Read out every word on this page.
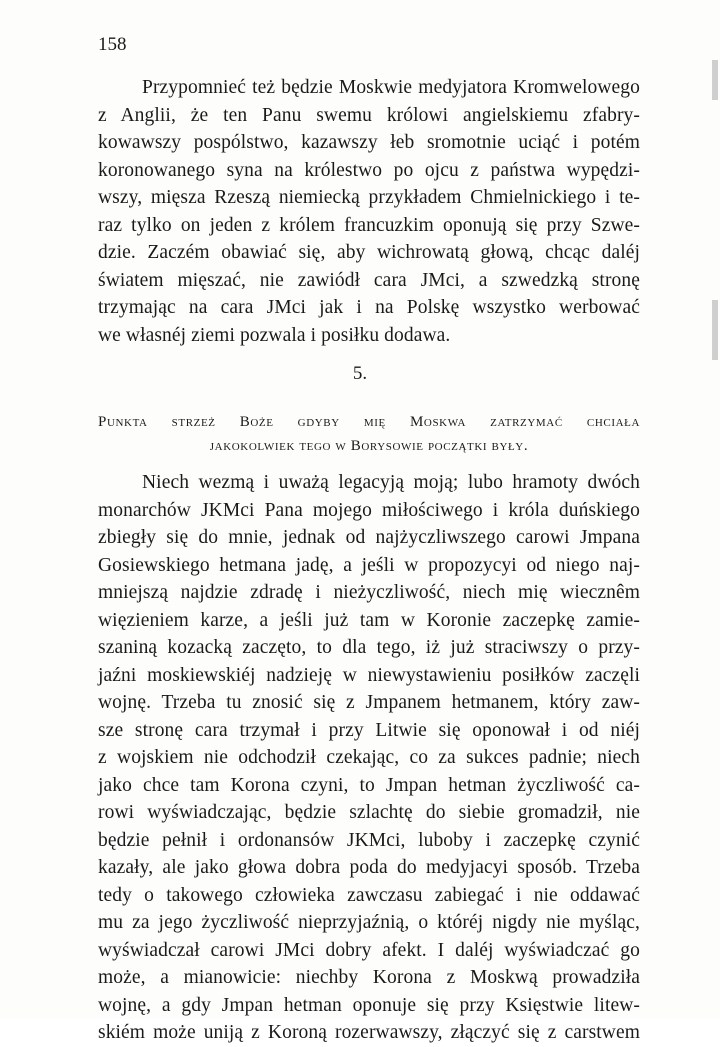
158
Przypomnieć też będzie Moskwie medyjatora Kromwelowego
z Anglii, że ten Panu swemu królowi angielskiemu zfabry-
kowawszy pospólstwo, kazawszy łeb sromotnie uciąć i potém
koronowanego syna na królestwo po ojcu z państwa wypędzi-
wszy, mięsza Rzeszą niemiecką przykładem Chmielnickiego i te-
raz tylko on jeden z królem francuzkim oponują się przy Szwe-
dzie. Zaczém obawiać się, aby wichrowatą głową, chcąc daléj
światem mięszać, nie zawiódł cara JMci, a szwedzką stronę
trzymając na cara JMci jak i na Polskę wszystko werbować
we własnéj ziemi pozwala i posiłku dodawa.
5.
Punkta strzeż Boże gdyby mię Moskwa zatrzymać chciała
jakokolwiek tego w Borysowie początki były.
Niech wezmą i uważą legacyją moją; lubo hramoty dwóch
monarchów JKMci Pana mojego miłościwego i króla duńskiego
zbiegły się do mnie, jednak od najżyczliwszego carowi Jmpana
Gosiewskiego hetmana jadę, a jeśli w propozycyi od niego naj-
mniejszą najdzie zdradę i nieżyczliwość, niech mię wiecznêm
więzieniem karze, a jeśli już tam w Koronie zaczepkę zamie-
szaniną kozacką zaczęto, to dla tego, iż już straciwszy o przy-
jaźni moskiewskiéj nadzieję w niewystawieniu posiłków zaczęli
wojnę. Trzeba tu znosić się z Jmpanem hetmanem, który zaw-
sze stronę cara trzymał i przy Litwie się oponował i od niéj
z wojskiem nie odchodził czekając, co za sukces padnie; niech
jako chce tam Korona czyni, to Jmpan hetman życzliwość ca-
rowi wyświadczając, będzie szlachtę do siebie gromadził, nie
będzie pełnił i ordonansów JKMci, luboby i zaczepkę czynić
kazały, ale jako głowa dobra poda do medyjacyi sposób. Trzeba
tedy o takowego człowieka zawczasu zabiegać i nie oddawać
mu za jego życzliwość nieprzyjaźnią, o któréj nigdy nie myśląc,
wyświadczał carowi JMci dobry afekt. I daléj wyświadczać go
może, a mianowicie: niechby Korona z Moskwą prowadziła
wojnę, a gdy Jmpan hetman oponuje się przy Księstwie litew-
skiém może uniją z Koroną rozerwawszy, złączyć się z carstwem
